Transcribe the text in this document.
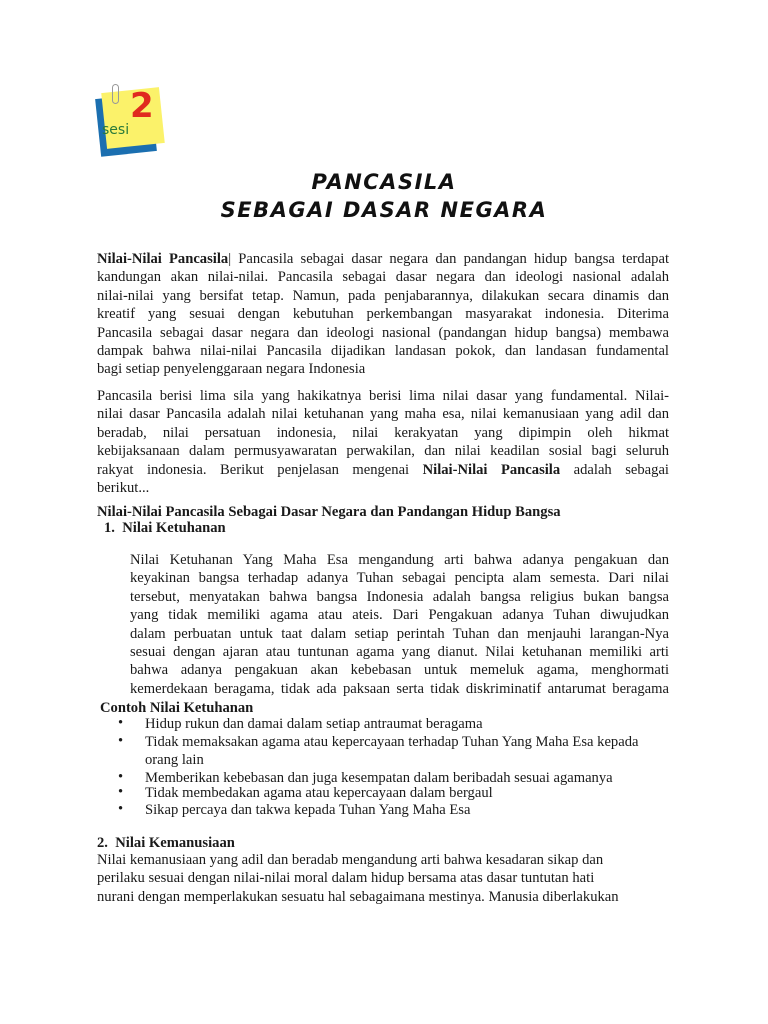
2
sesi
PANCASILA
SEBAGAI DASAR NEGARA
Nilai-Nilai Pancasila| Pancasila sebagai dasar negara dan pandangan hidup bangsa terdapat
kandungan akan nilai-nilai. Pancasila sebagai dasar negara dan ideologi nasional adalah
nilai-nilai yang bersifat tetap. Namun, pada penjabarannya, dilakukan secara dinamis dan
kreatif yang sesuai dengan kebutuhan perkembangan masyarakat indonesia. Diterima
Pancasila sebagai dasar negara dan ideologi nasional (pandangan hidup bangsa) membawa
dampak bahwa nilai-nilai Pancasila dijadikan landasan pokok, dan landasan fundamental
bagi setiap penyelenggaraan negara Indonesia
Pancasila berisi lima sila yang hakikatnya berisi lima nilai dasar yang fundamental. Nilai-
nilai dasar Pancasila adalah nilai ketuhanan yang maha esa, nilai kemanusiaan yang adil dan
beradab, nilai persatuan indonesia, nilai kerakyatan yang dipimpin oleh hikmat
kebijaksanaan dalam permusyawaratan perwakilan, dan nilai keadilan sosial bagi seluruh
rakyat indonesia. Berikut penjelasan mengenai Nilai-Nilai Pancasila adalah sebagai
berikut...
Nilai-Nilai Pancasila Sebagai Dasar Negara dan Pandangan Hidup Bangsa
1. Nilai Ketuhanan
Nilai Ketuhanan Yang Maha Esa mengandung arti bahwa adanya pengakuan dan
keyakinan bangsa terhadap adanya Tuhan sebagai pencipta alam semesta. Dari nilai
tersebut, menyatakan bahwa bangsa Indonesia adalah bangsa religius bukan bangsa
yang tidak memiliki agama atau ateis. Dari Pengakuan adanya Tuhan diwujudkan
dalam perbuatan untuk taat dalam setiap perintah Tuhan dan menjauhi larangan-Nya
sesuai dengan ajaran atau tuntunan agama yang dianut. Nilai ketuhanan memiliki arti
bahwa adanya pengakuan akan kebebasan untuk memeluk agama, menghormati
kemerdekaan beragama, tidak ada paksaan serta tidak diskriminatif antarumat beragama
Contoh Nilai Ketuhanan
•	Hidup rukun dan damai dalam setiap antraumat beragama
•	Tidak memaksakan agama atau kepercayaan terhadap Tuhan Yang Maha Esa kepada
orang lain
•	Memberikan kebebasan dan juga kesempatan dalam beribadah sesuai agamanya
•	Tidak membedakan agama atau kepercayaan dalam bergaul
•	Sikap percaya dan takwa kepada Tuhan Yang Maha Esa
2. Nilai Kemanusiaan
Nilai kemanusiaan yang adil dan beradab mengandung arti bahwa kesadaran sikap dan
perilaku sesuai dengan nilai-nilai moral dalam hidup bersama atas dasar tuntutan hati
nurani dengan memperlakukan sesuatu hal sebagaimana mestinya. Manusia diberlakukan
